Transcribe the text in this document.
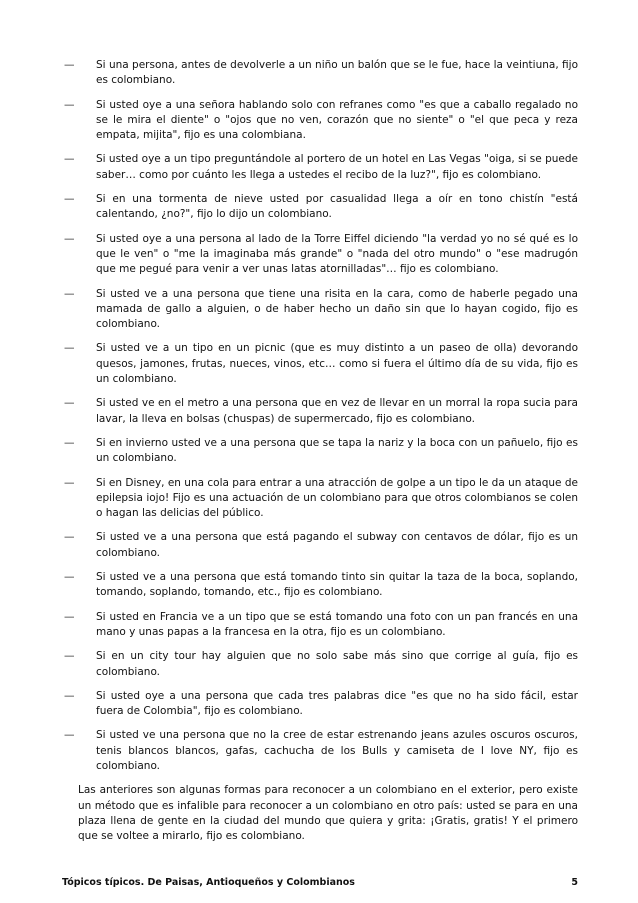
—	Si una persona, antes de devolverle a un niño un balón que se le fue, hace la veintiuna, fijo es colombiano.
—	Si usted oye a una señora hablando solo con refranes como "es que a caballo regalado no se le mira el diente" o "ojos que no ven, corazón que no siente" o "el que peca y reza empata, mijita", fijo es una colombiana.
—	Si usted oye a un tipo preguntándole al portero de un hotel en Las Vegas "oiga, si se puede saber… como por cuánto les llega a ustedes el recibo de la luz?", fijo es colombiano.
—	Si en una tormenta de nieve usted por casualidad llega a oír en tono chistín "está calentando, ¿no?", fijo lo dijo un colombiano.
—	Si usted oye a una persona al lado de la Torre Eiffel diciendo "la verdad yo no sé qué es lo que le ven" o "me la imaginaba más grande" o "nada del otro mundo" o "ese madrugón que me pegué para venir a ver unas latas atornilladas"… fijo es colombiano.
—	Si usted ve a una persona que tiene una risita en la cara, como de haberle pegado una mamada de gallo a alguien, o de haber hecho un daño sin que lo hayan cogido, fijo es colombiano.
—	Si usted ve a un tipo en un picnic (que es muy distinto a un paseo de olla) devorando quesos, jamones, frutas, nueces, vinos, etc… como si fuera el último día de su vida, fijo es un colombiano.
—	Si usted ve en el metro a una persona que en vez de llevar en un morral la ropa sucia para lavar, la lleva en bolsas (chuspas) de supermercado, fijo es colombiano.
—	Si en invierno usted ve a una persona que se tapa la nariz y la boca con un pañuelo, fijo es un colombiano.
—	Si en Disney, en una cola para entrar a una atracción de golpe a un tipo le da un ataque de epilepsia iojo! Fijo es una actuación de un colombiano para que otros colombianos se colen o hagan las delicias del público.
—	Si usted ve a una persona que está pagando el subway con centavos de dólar, fijo es un colombiano.
—	Si usted ve a una persona que está tomando tinto sin quitar la taza de la boca, soplando, tomando, soplando, tomando, etc., fijo es colombiano.
—	Si usted en Francia ve a un tipo que se está tomando una foto con un pan francés en una mano y unas papas a la francesa en la otra, fijo es un colombiano.
—	Si en un city tour hay alguien que no solo sabe más sino que corrige al guía, fijo es colombiano.
—	Si usted oye a una persona que cada tres palabras dice "es que no ha sido fácil, estar fuera de Colombia", fijo es colombiano.
—	Si usted ve una persona que no la cree de estar estrenando jeans azules oscuros oscuros, tenis blancos blancos, gafas, cachucha de los Bulls y camiseta de I love NY, fijo es colombiano.

Las anteriores son algunas formas para reconocer a un colombiano en el exterior, pero existe un método que es infalible para reconocer a un colombiano en otro país: usted se para en una plaza llena de gente en la ciudad del mundo que quiera y grita: ¡Gratis, gratis! Y el primero que se voltee a mirarlo, fijo es colombiano.

Tópicos típicos. De Paisas, Antioqueños y Colombianos	5
